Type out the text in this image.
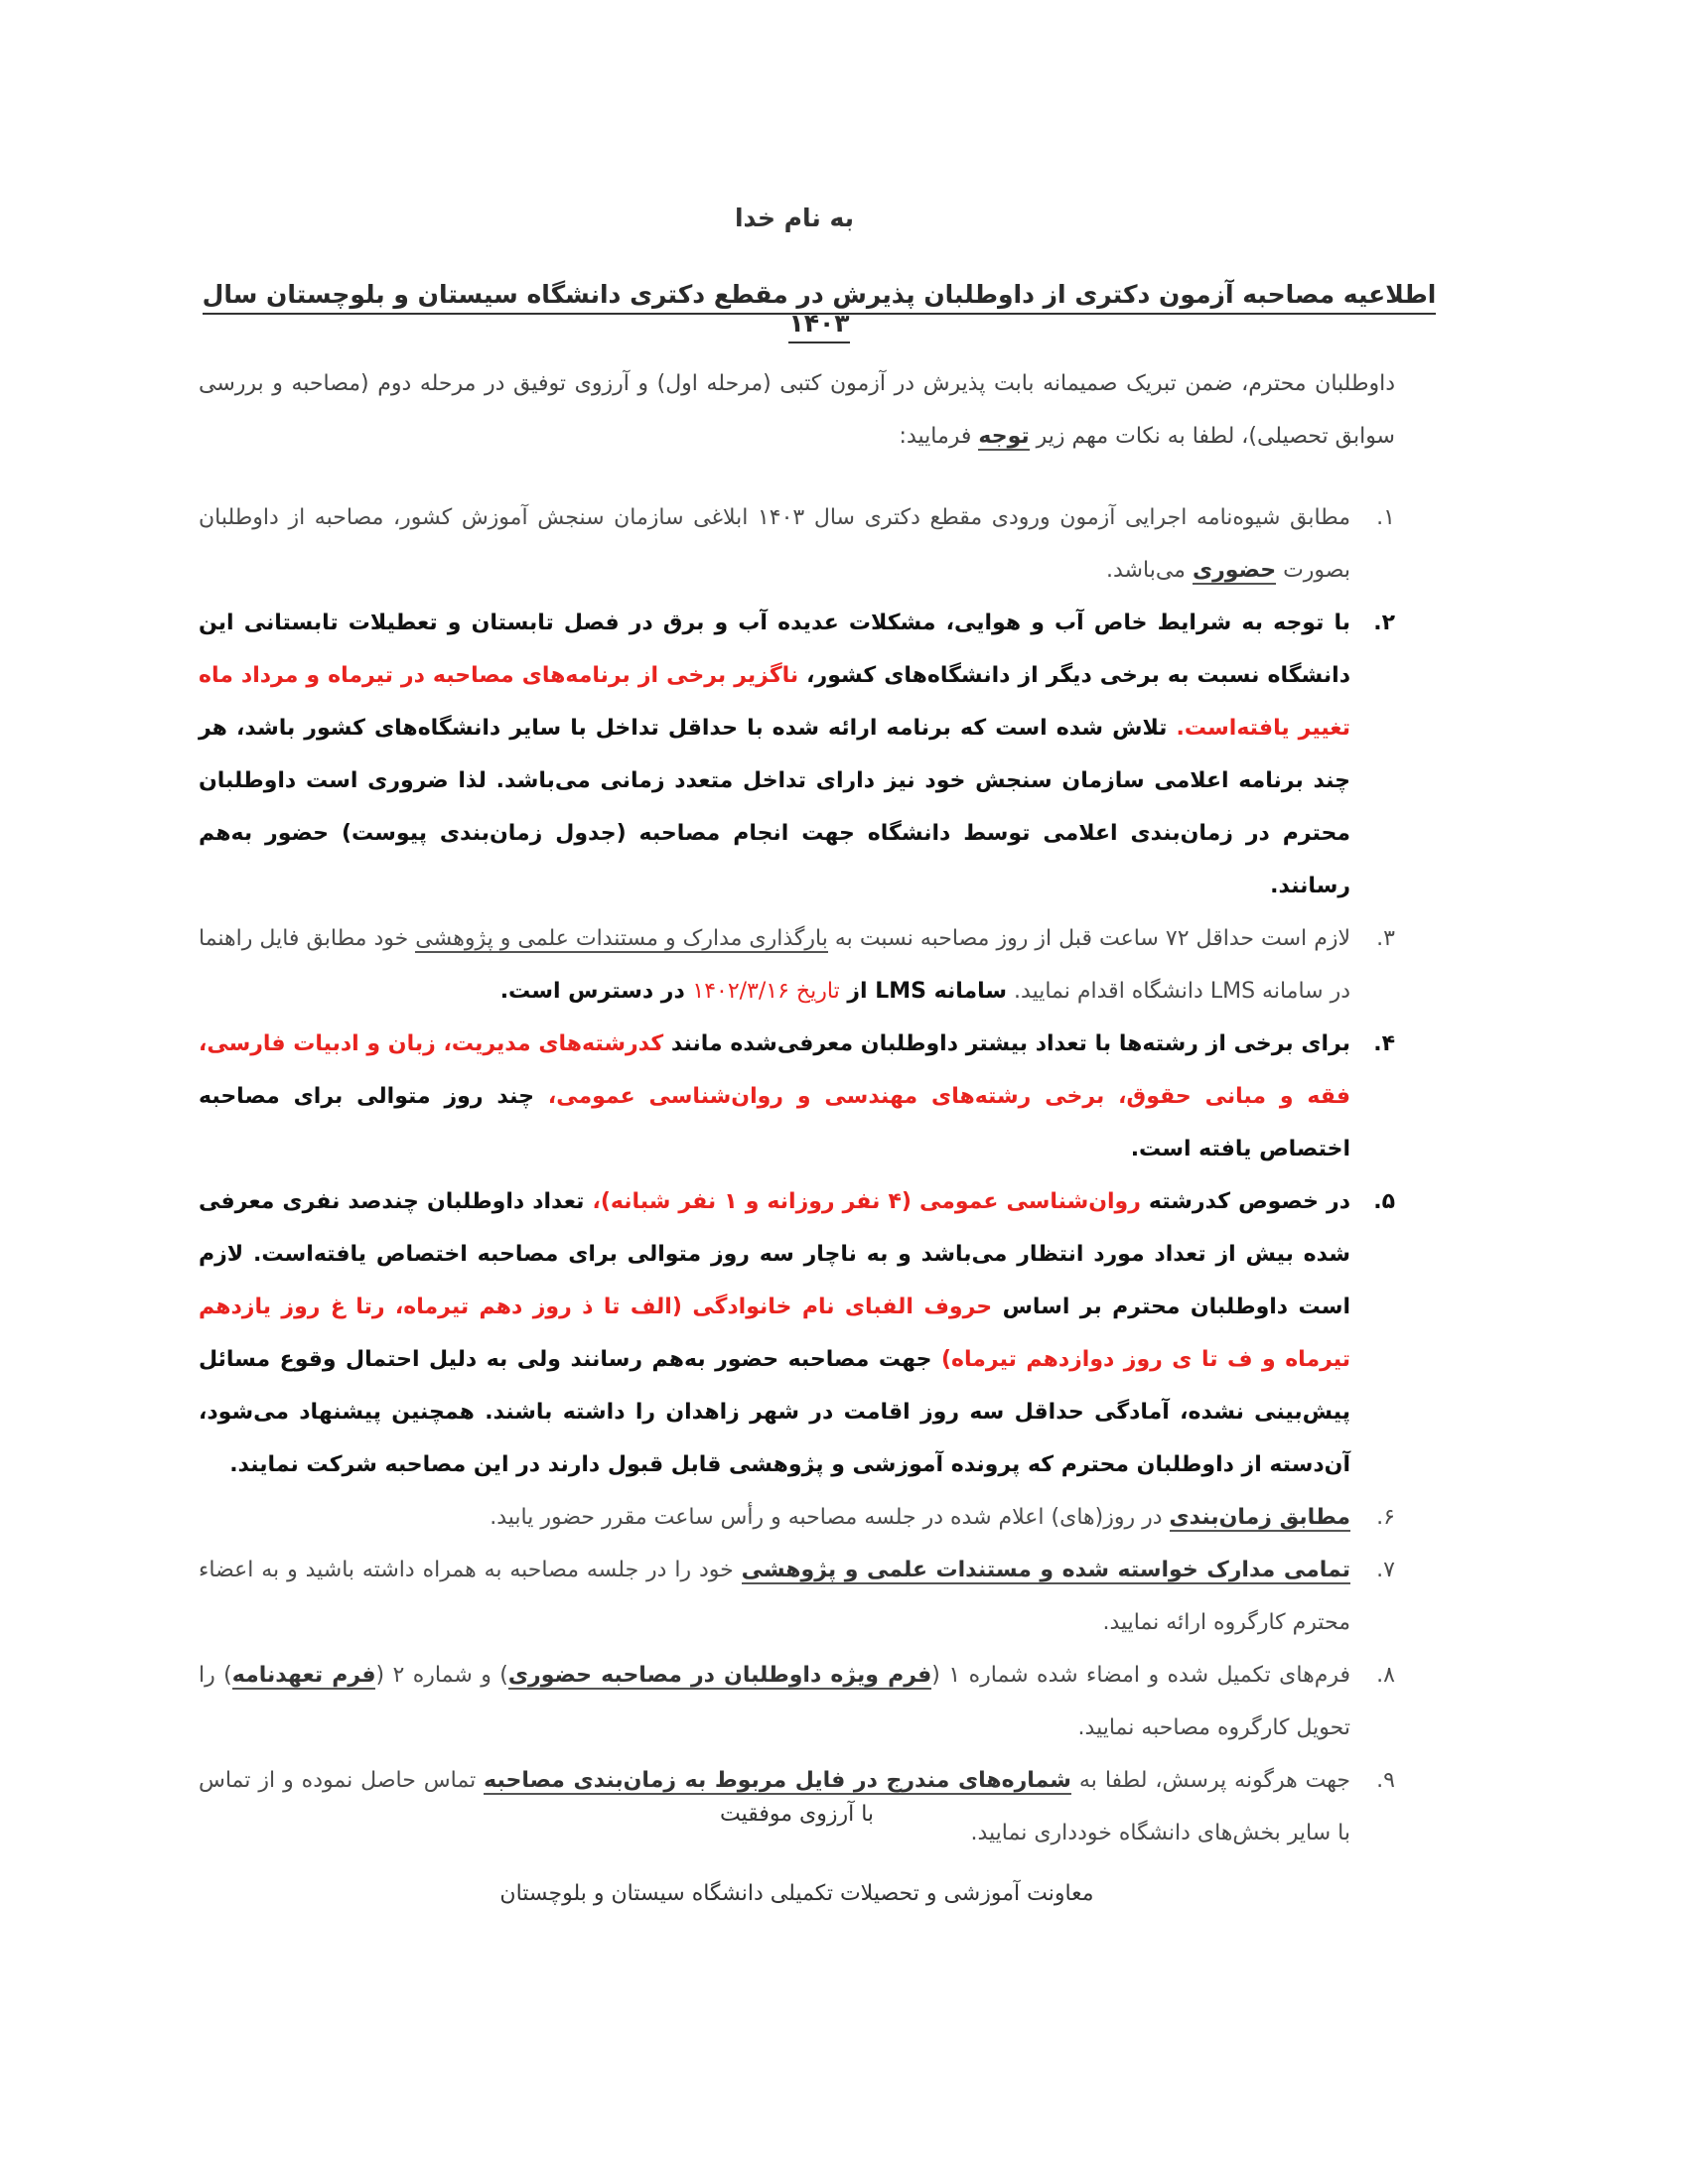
به نام خدا
اطلاعیه مصاحبه آزمون دکتری از داوطلبان پذیرش در مقطع دکتری دانشگاه سیستان و بلوچستان سال ۱۴۰۳
داوطلبان محترم، ضمن تبریک صمیمانه بابت پذیرش در آزمون کتبی (مرحله اول) و آرزوی توفیق در مرحله دوم (مصاحبه و بررسی سوابق تحصیلی)، لطفا به نکات مهم زیر توجه فرمایید:
۱.
مطابق شیوه‌نامه اجرایی آزمون ورودی مقطع دکتری سال ۱۴۰۳ ابلاغی سازمان سنجش آموزش کشور، مصاحبه از داوطلبان بصورت حضوری می‌باشد.
۲.
با توجه به شرایط خاص آب و هوایی، مشکلات عدیده آب و برق در فصل تابستان و تعطیلات تابستانی این دانشگاه نسبت به برخی دیگر از دانشگاه‌های کشور، ناگزیر برخی از برنامه‌های مصاحبه در تیرماه و مرداد ماه تغییر یافته‌است. تلاش شده است که برنامه ارائه شده با حداقل تداخل با سایر دانشگاه‌های کشور باشد، هر چند برنامه اعلامی سازمان سنجش خود نیز دارای تداخل متعدد زمانی می‌باشد. لذا ضروری است داوطلبان محترم در زمان‌بندی اعلامی توسط دانشگاه جهت انجام مصاحبه (جدول زمان‌بندی پیوست) حضور به‌هم رسانند.
۳.
لازم است حداقل ۷۲ ساعت قبل از روز مصاحبه نسبت به بارگذاری مدارک و مستندات علمی و پژوهشی خود مطابق فایل راهنما در سامانه LMS دانشگاه اقدام نمایید. سامانه LMS از تاریخ ۱۴۰۲/۳/۱۶ در دسترس است.
۴.
برای برخی از رشته‌ها با تعداد بیشتر داوطلبان معرفی‌شده مانند کدرشته‌های مدیریت، زبان و ادبیات فارسی، فقه و مبانی حقوق، برخی رشته‌های مهندسی و روان‌شناسی عمومی، چند روز متوالی برای مصاحبه اختصاص یافته است.
۵.
در خصوص کدرشته روان‌شناسی عمومی (۴ نفر روزانه و ۱ نفر شبانه)، تعداد داوطلبان چندصد نفری معرفی شده بیش از تعداد مورد انتظار می‌باشد و به ناچار سه روز متوالی برای مصاحبه اختصاص یافته‌است. لازم است داوطلبان محترم بر اساس حروف الفبای نام خانوادگی (الف تا ذ روز دهم تیرماه، رتا غ روز یازدهم تیرماه و ف تا ی روز دوازدهم تیرماه) جهت مصاحبه حضور به‌هم رسانند ولی به دلیل احتمال وقوع مسائل پیش‌بینی نشده، آمادگی حداقل سه روز اقامت در شهر زاهدان را داشته باشند. همچنین پیشنهاد می‌شود، آن‌دسته از داوطلبان محترم که پرونده آموزشی و پژوهشی قابل قبول دارند در این مصاحبه شرکت نمایند.
۶.
مطابق زمان‌بندی در روز(های) اعلام شده در جلسه مصاحبه و رأس ساعت مقرر حضور یابید.
۷.
تمامی مدارک خواسته شده و مستندات علمی و پژوهشی خود را در جلسه مصاحبه به همراه داشته باشید و به اعضاء محترم کارگروه ارائه نمایید.
۸.
فرم‌های تکمیل شده و امضاء شده شماره ۱ (فرم ویژه داوطلبان در مصاحبه حضوری) و شماره ۲ (فرم تعهدنامه) را تحویل کارگروه مصاحبه نمایید.
۹.
جهت هرگونه پرسش، لطفا به شماره‌های مندرج در فایل مربوط به زمان‌بندی مصاحبه تماس حاصل نموده و از تماس با سایر بخش‌های دانشگاه خودداری نمایید.
با آرزوی موفقیت
معاونت آموزشی و تحصیلات تکمیلی دانشگاه سیستان و بلوچستان
